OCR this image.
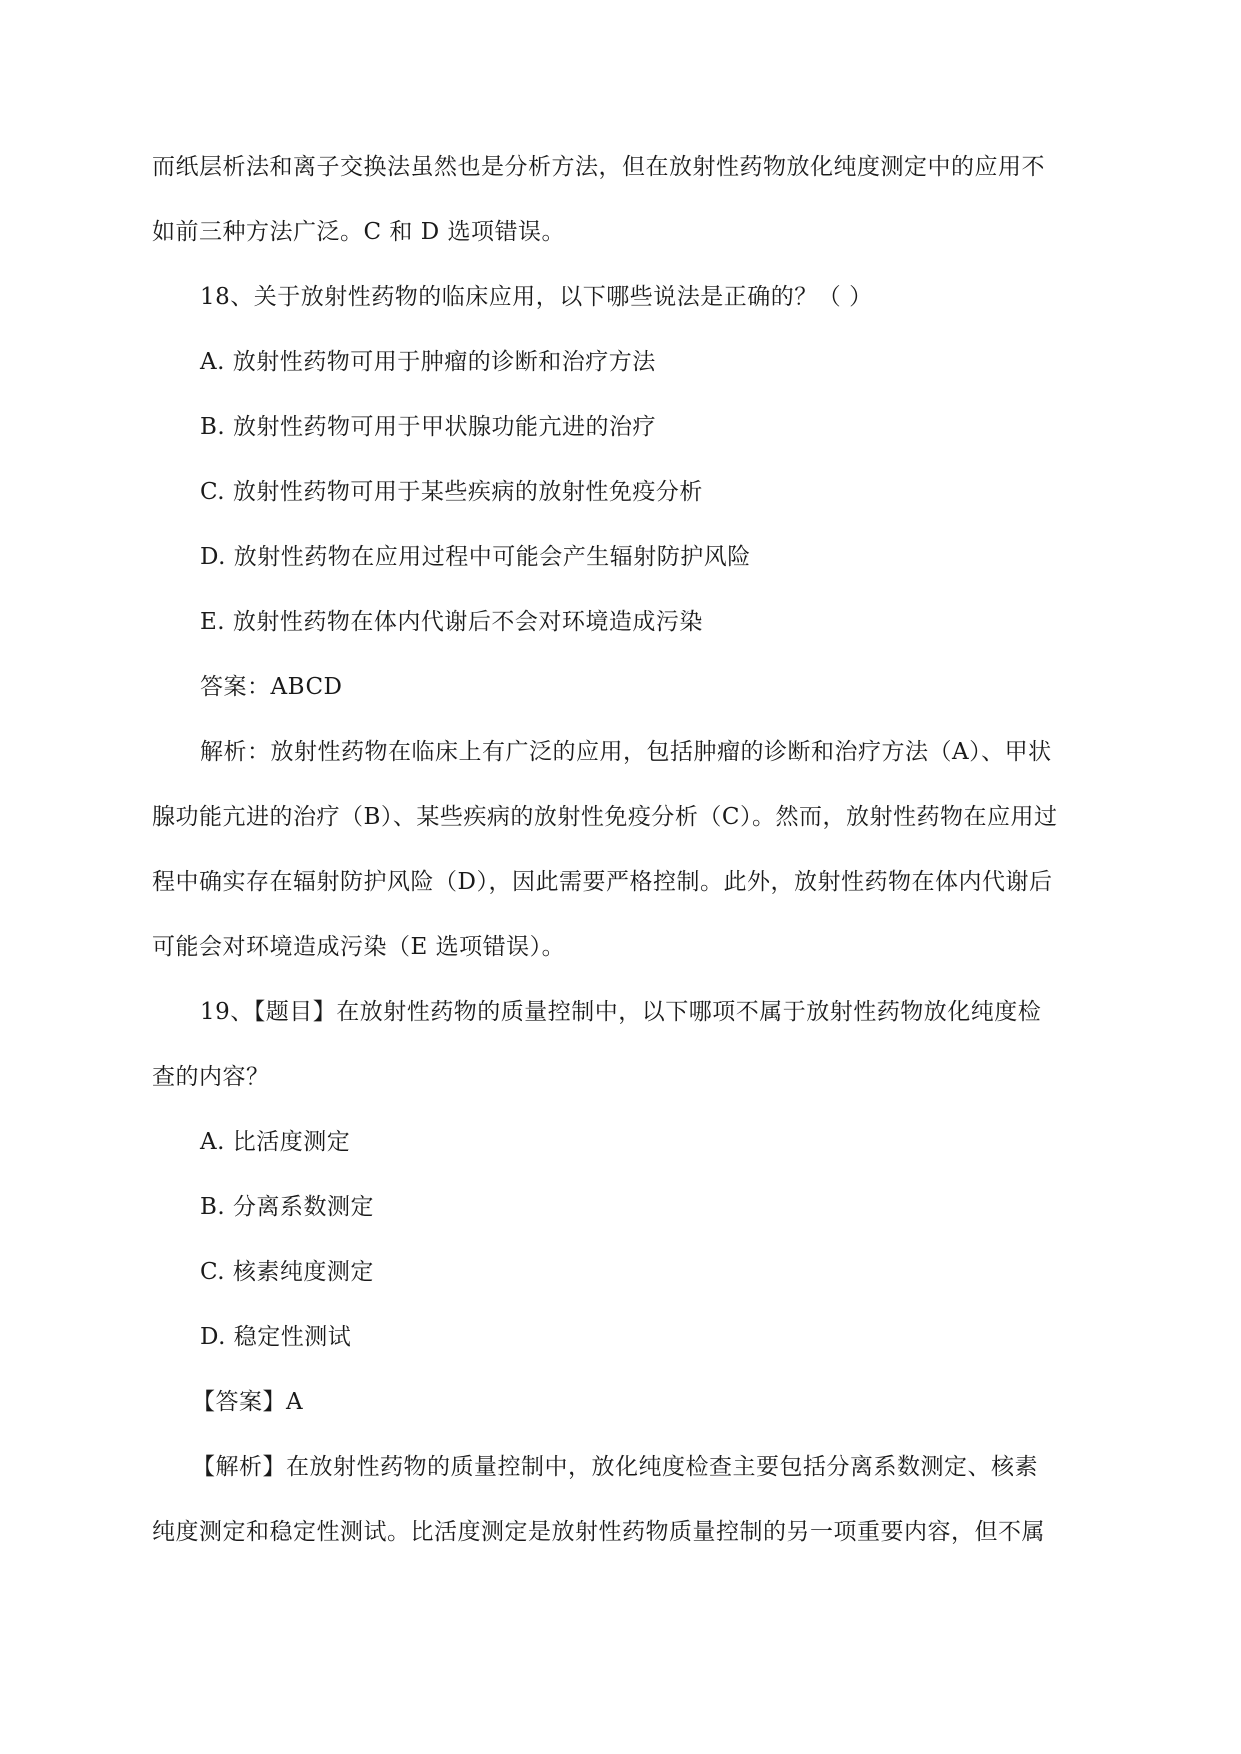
而纸层析法和离子交换法虽然也是分析方法，但在放射性药物放化纯度测定中的应用不
如前三种方法广泛。C 和 D 选项错误。
18、关于放射性药物的临床应用，以下哪些说法是正确的？（ ）
A. 放射性药物可用于肿瘤的诊断和治疗方法
B. 放射性药物可用于甲状腺功能亢进的治疗
C. 放射性药物可用于某些疾病的放射性免疫分析
D. 放射性药物在应用过程中可能会产生辐射防护风险
E. 放射性药物在体内代谢后不会对环境造成污染
答案：ABCD
解析：放射性药物在临床上有广泛的应用，包括肿瘤的诊断和治疗方法（A）、甲状
腺功能亢进的治疗（B）、某些疾病的放射性免疫分析（C）。然而，放射性药物在应用过
程中确实存在辐射防护风险（D），因此需要严格控制。此外，放射性药物在体内代谢后
可能会对环境造成污染（E 选项错误）。
19、【题目】在放射性药物的质量控制中，以下哪项不属于放射性药物放化纯度检
查的内容？
A. 比活度测定
B. 分离系数测定
C. 核素纯度测定
D. 稳定性测试
【答案】A
【解析】在放射性药物的质量控制中，放化纯度检查主要包括分离系数测定、核素
纯度测定和稳定性测试。比活度测定是放射性药物质量控制的另一项重要内容，但不属
